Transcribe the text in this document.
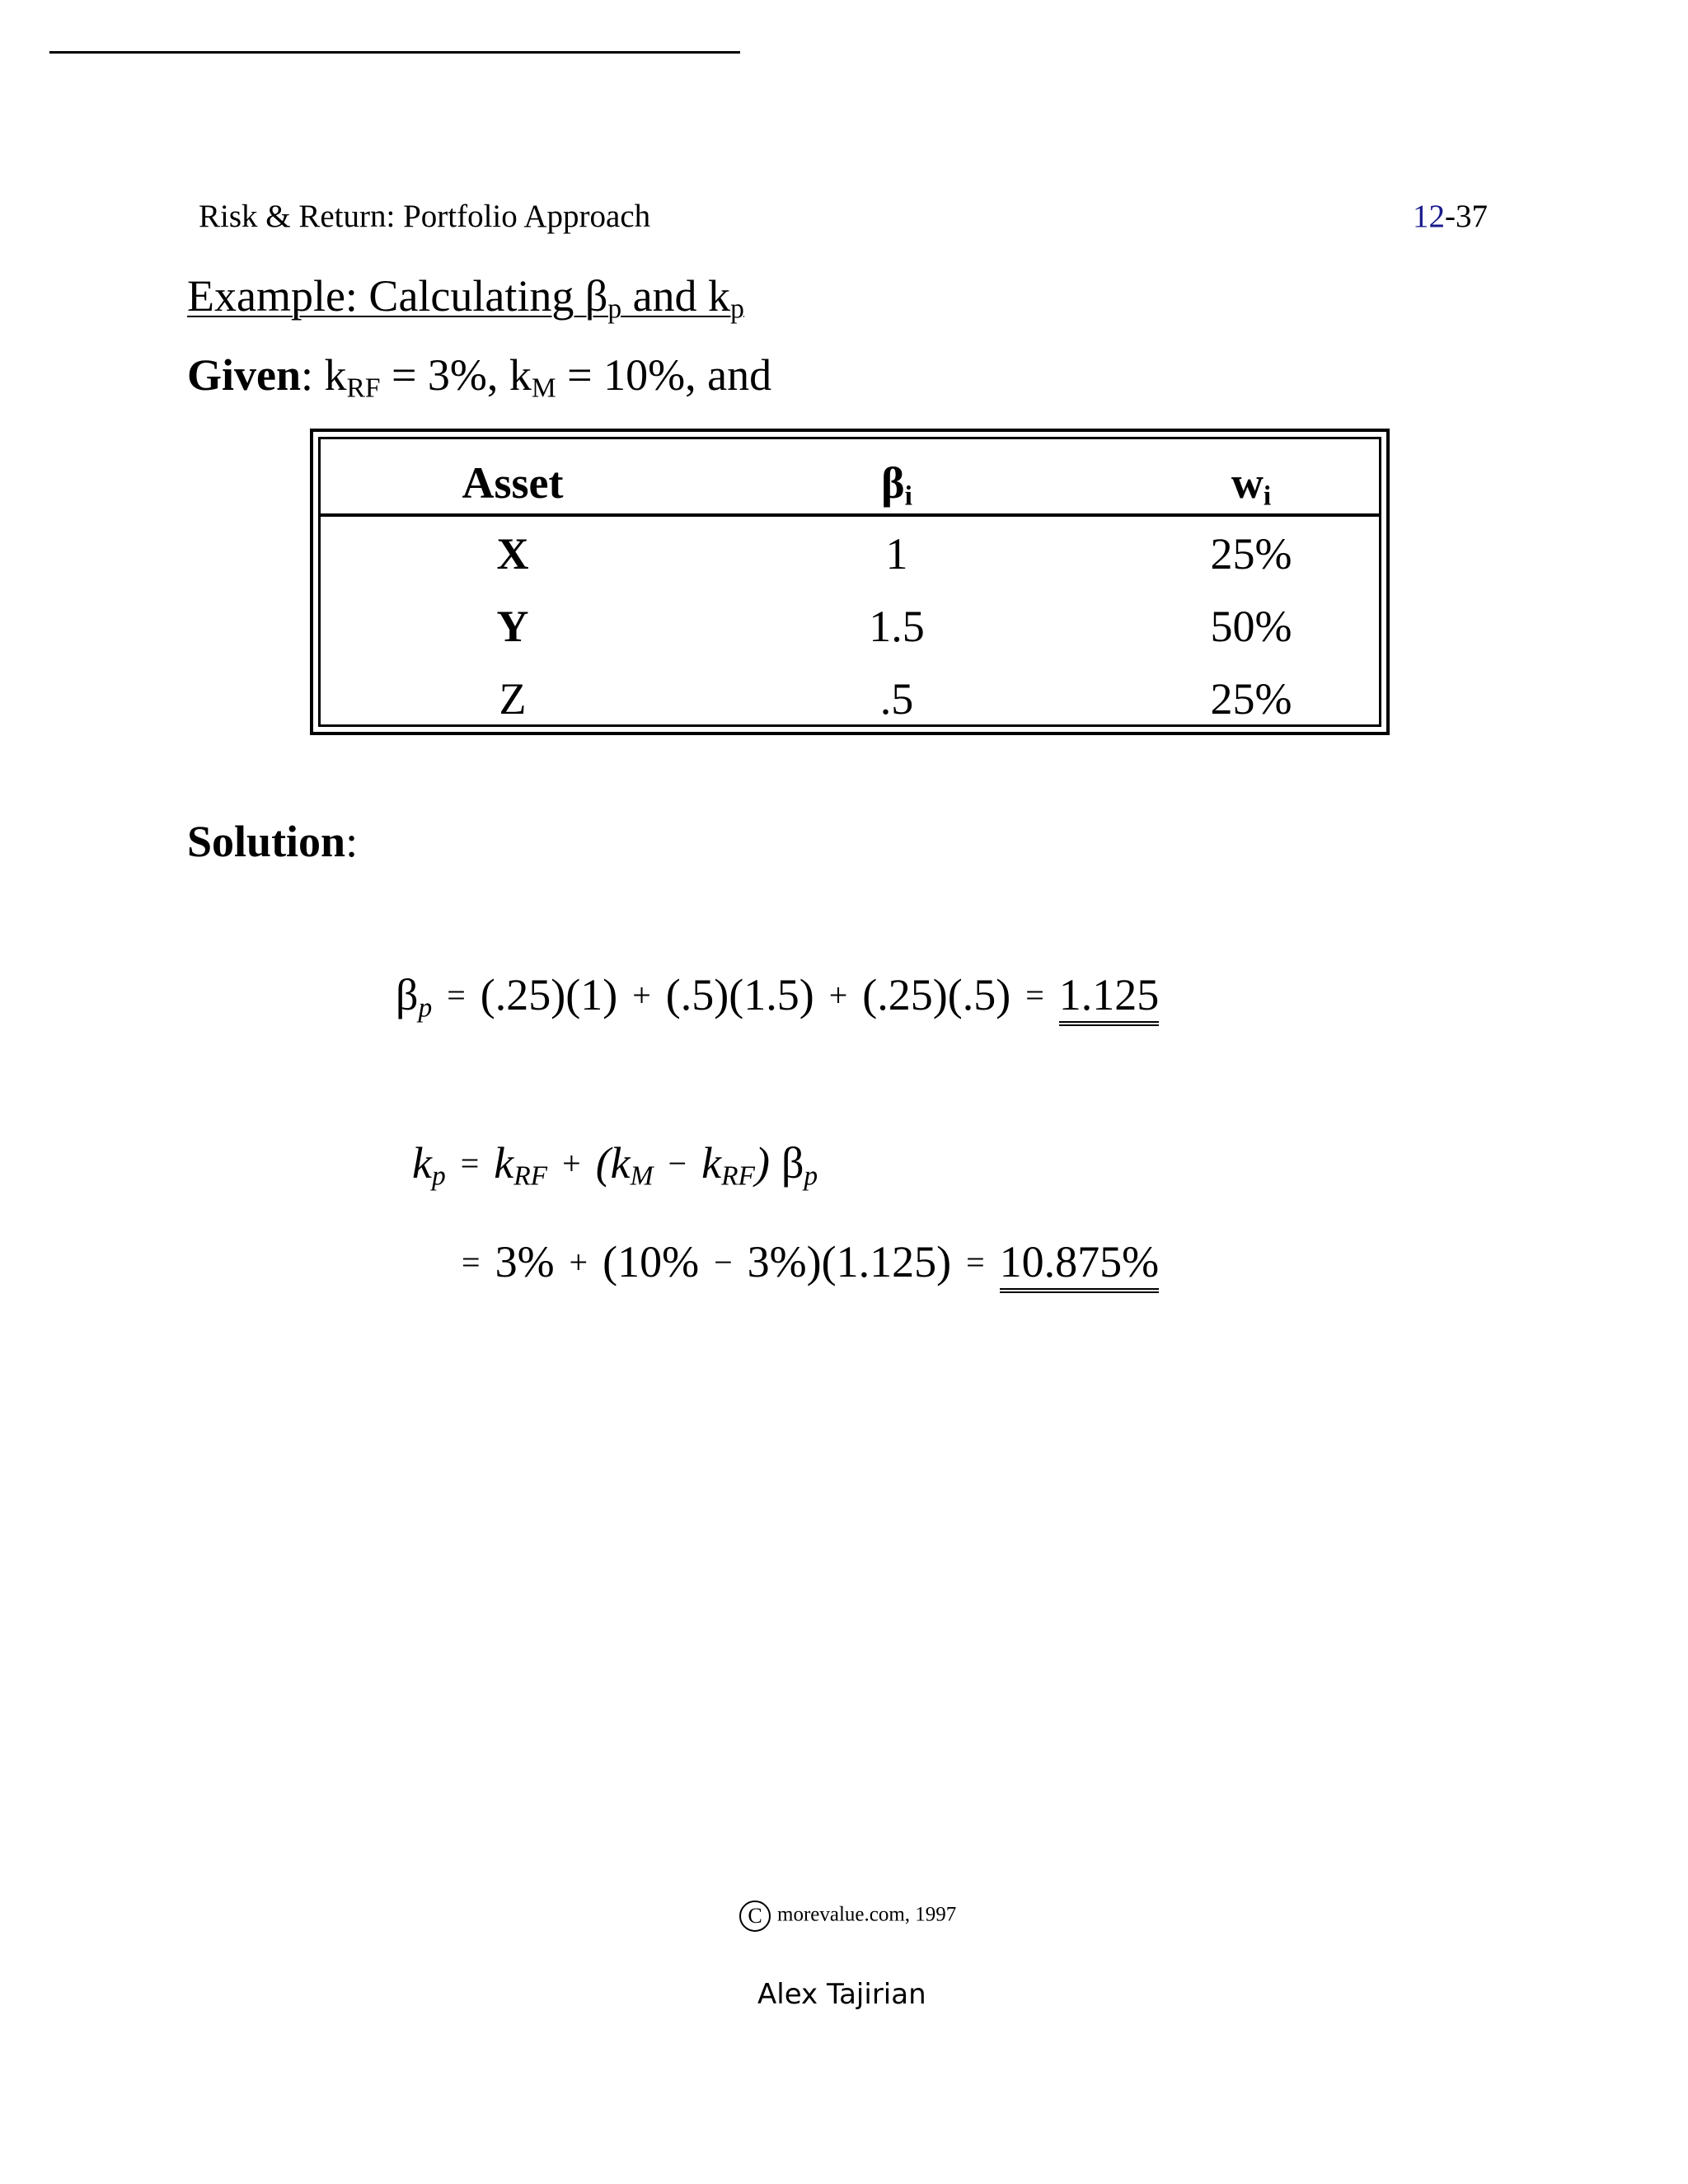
Risk & Return: Portfolio Approach	12-37
Example: Calculating βp and kp
Given: $k_{RF} = 3\%$, $k_M = 10\%$, and
Asset	$\beta_i$	$w_i$
X	1	25%
Y	1.5	50%
Z	.5	25%
Solution:
βp = (.25)(1) + (.5)(1.5) + (.25)(.5) = 1.125
kp = kRF + (kM − kRF) βp
= 3% + (10% − 3%)(1.125) = 10.875%
C morevalue.com, 1997
Alex Tajirian
